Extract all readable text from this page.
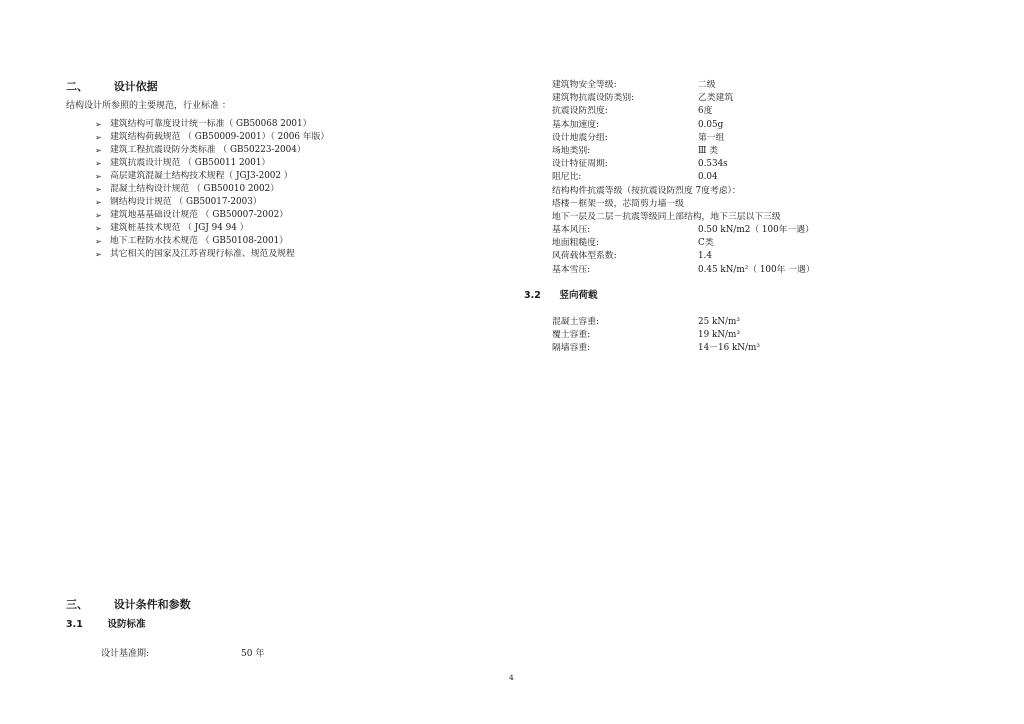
二、 设计依据
结构设计所参照的主要规范，行业标准 ：
➢ 建筑结构可靠度设计统一标准（ GB50068 2001）
➢ 建筑结构荷载规范 （ GB50009-2001）（ 2006 年版）
➢ 建筑工程抗震设防分类标准 （ GB50223-2004）
➢ 建筑抗震设计规范 （ GB50011 2001）
➢ 高层建筑混凝土结构技术规程（ JGJ3-2002 ）
➢ 混凝土结构设计规范 （ GB50010 2002）
➢ 钢结构设计规范 （ GB50017-2003）
➢ 建筑地基基础设计规范 （ GB50007-2002）
➢ 建筑桩基技术规范 （ JGJ 94 94 ）
➢ 地下工程防水技术规范 （ GB50108-2001）
➢ 其它相关的国家及江苏省现行标准、规范及规程
三、 设计条件和参数
3.1	设防标准
设计基准期:	50 年
建筑物安全等级:	二级
建筑物抗震设防类别:	乙类建筑
抗震设防烈度:	6度
基本加速度:	0.05g
设计地震分组:	第一组
场地类别:	Ⅲ 类
设计特征周期:	0.534s
阻尼比:	0.04
结构构件抗震等级（按抗震设防烈度 7度考虑）：
塔楼－框架一级，芯筒剪力墙一级
地下一层及二层－抗震等级同上部结构，地下三层以下三级
基本风压:	0.50 kN/m2（ 100年一遇）
地面粗糙度:	C类
风荷载体型系数:	1.4
基本雪压:	0.45 kN/m²（ 100年 一遇）
3.2 竖向荷载
混凝土容重:	25 kN/m³
覆土容重:	19 kN/m³
隔墙容重:	14－16 kN/m³
4
